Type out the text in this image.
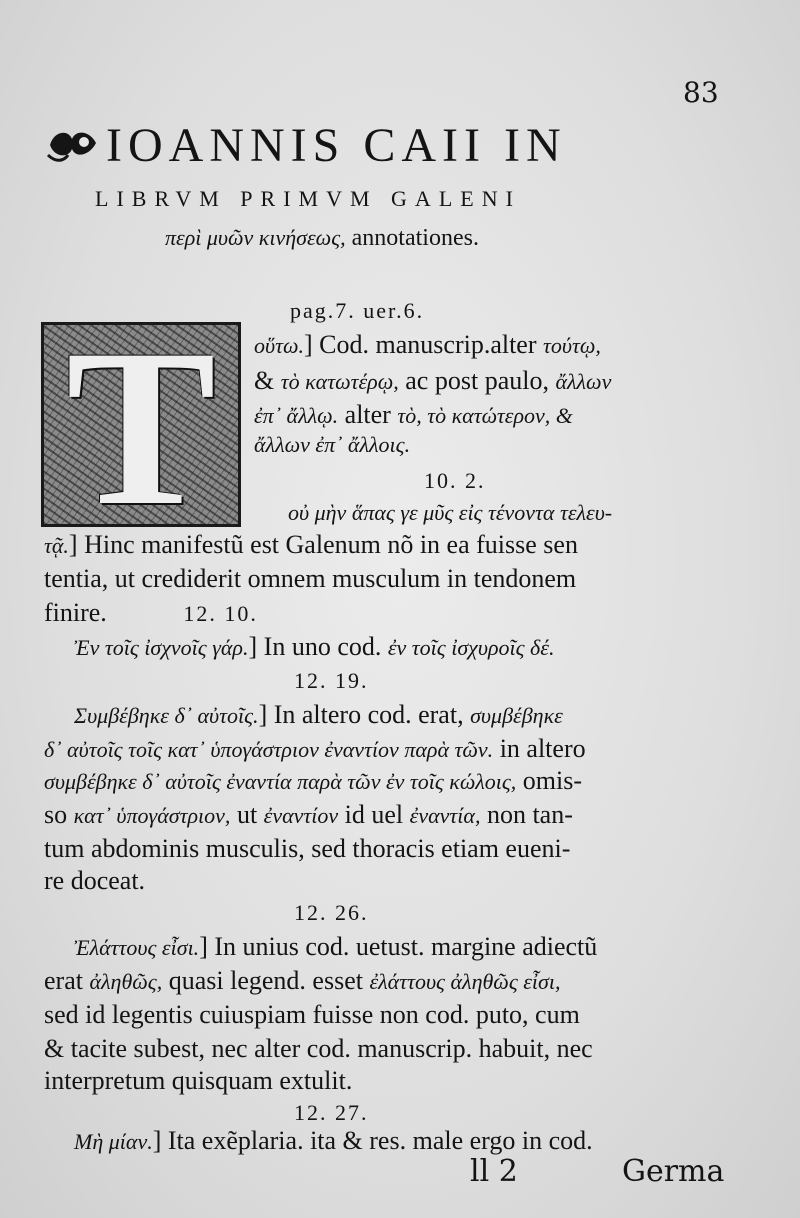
83
IOANNIS CAII IN
LIBRVM PRIMVM GALENI
περὶ μυῶν κινήσεως, annotationes.
T	pag.7. uer.6.
οὕτω.] Cod. manuscrip.alter τούτῳ,
& τὸ κατωτέρῳ, ac post paulo, ἄλλων
ἐπ᾽ ἄλλῳ. alter τὸ, τὸ κατώτερον, &
ἄλλων ἐπ᾽ ἄλλοις.
10. 2.
οὐ μὴν ἅπας γε μῦς εἰς τένοντα τελευ-
τᾷ.] Hinc manifestũ est Galenum nõ in ea fuisse sen
tentia, ut crediderit omnem musculum in tendonem
finire.	12. 10.
Ἐν τοῖς ἰσχνοῖς γάρ.] In uno cod. ἐν τοῖς ἰσχυροῖς δέ.
12. 19.
Συμβέβηκε δ᾽ αὐτοῖς.] In altero cod. erat, συμβέβηκε
δ᾽ αὐτοῖς τοῖς κατ᾽ ὑπογάστριον ἐναντίον παρὰ τῶν. in altero
συμβέβηκε δ᾽ αὐτοῖς ἐναντία παρὰ τῶν ἐν τοῖς κώλοις, omis-
so κατ᾽ ὑπογάστριον, ut ἐναντίον id uel ἐναντία, non tan-
tum abdominis musculis, sed thoracis etiam eueni-
re doceat.
12. 26.
Ἐλάττους εἶσι.] In unius cod. uetust. margine adiectũ
erat ἀληθῶς, quasi legend. esset ἐλάττους ἀληθῶς εἶσι,
sed id legentis cuiuspiam fuisse non cod. puto, cum
& tacite subest, nec alter cod. manuscrip. habuit, nec
interpretum quisquam extulit.
12. 27.
Μὴ μίαν.] Ita exẽplaria. ita & res. male ergo in cod.
ll 2	Germa
